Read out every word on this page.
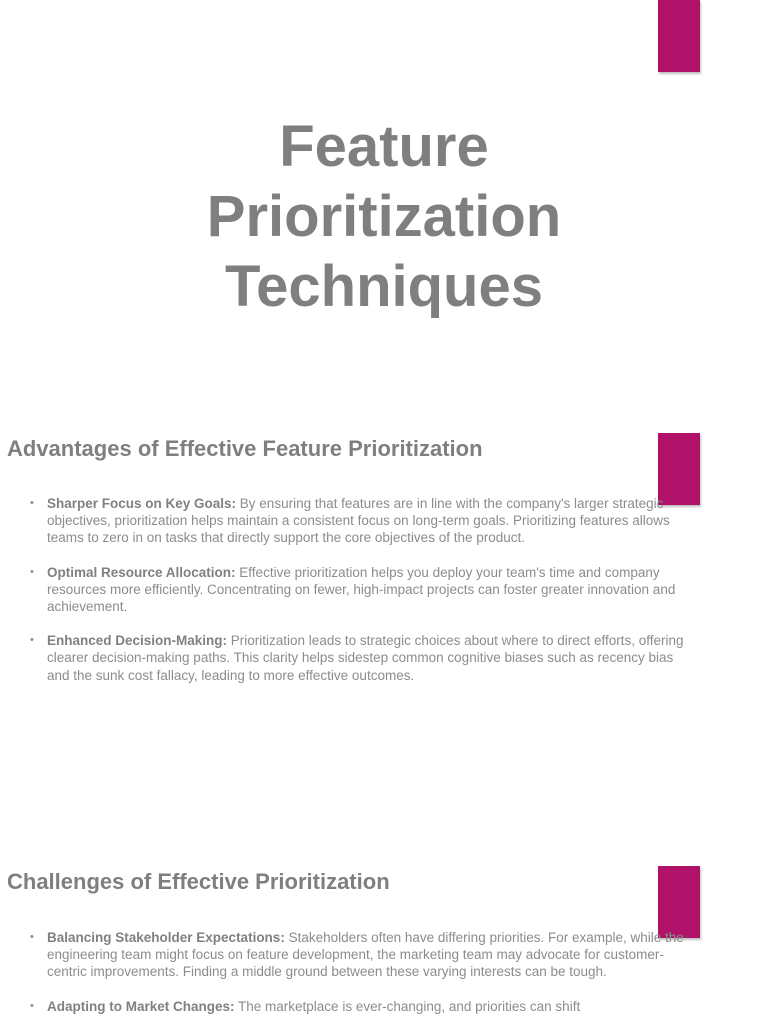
Feature
Prioritization
Techniques
Advantages of Effective Feature Prioritization
• Sharper Focus on Key Goals: By ensuring that features are in line with the company's larger strategic objectives, prioritization helps maintain a consistent focus on long-term goals. Prioritizing features allows teams to zero in on tasks that directly support the core objectives of the product.
• Optimal Resource Allocation: Effective prioritization helps you deploy your team's time and company resources more efficiently. Concentrating on fewer, high-impact projects can foster greater innovation and achievement.
• Enhanced Decision-Making: Prioritization leads to strategic choices about where to direct efforts, offering clearer decision-making paths. This clarity helps sidestep common cognitive biases such as recency bias and the sunk cost fallacy, leading to more effective outcomes.
Challenges of Effective Prioritization
• Balancing Stakeholder Expectations: Stakeholders often have differing priorities. For example, while the engineering team might focus on feature development, the marketing team may advocate for customer-centric improvements. Finding a middle ground between these varying interests can be tough.
• Adapting to Market Changes: The marketplace is ever-changing, and priorities can shift
